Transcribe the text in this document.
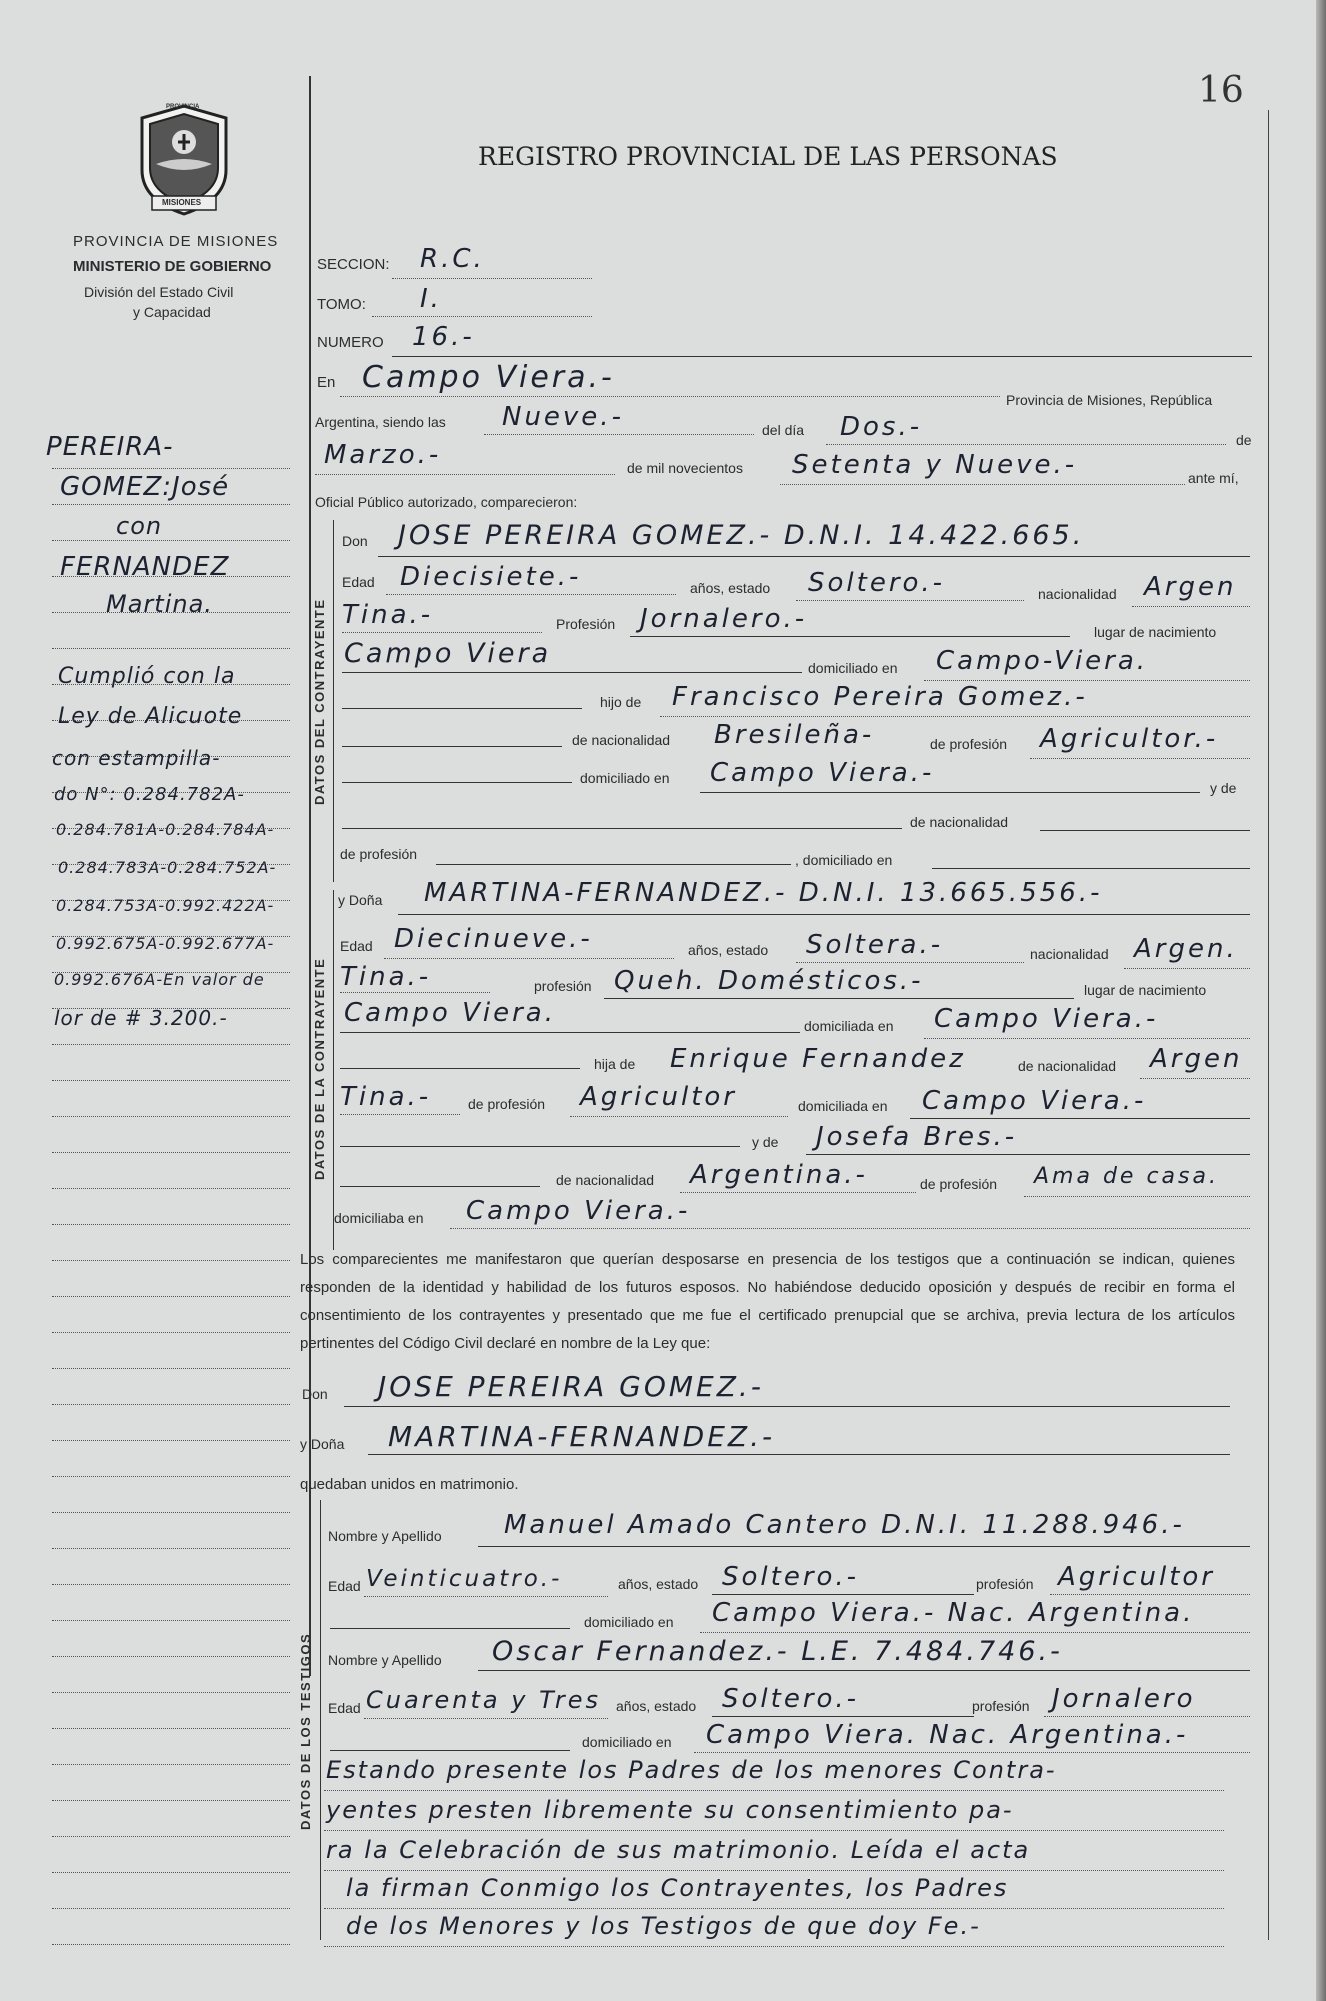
16
PROVINCIA
MISIONES
PROVINCIA DE MISIONES
MINISTERIO DE GOBIERNO
División del Estado Civil
y Capacidad
REGISTRO PROVINCIAL DE LAS PERSONAS
PEREIRA-
GOMEZ:José
con
FERNANDEZ
Martina.
Cumplió con la
Ley de Alicuote
con estampilla-
do N°: 0.284.782A-
0.284.781A-0.284.784A-
0.284.783A-0.284.752A-
0.284.753A-0.992.422A-
0.992.675A-0.992.677A-
0.992.676A-En valor de
lor de # 3.200.-
SECCION: R.C.
TOMO: I.
NUMERO 16.-
En Campo Viera.-
Provincia de Misiones, República
Argentina, siendo las Nueve.-	del día Dos.-	de
Marzo.-	de mil novecientos Setenta y Nueve.-	ante mí,
Oficial Público autorizado, comparecieron:
DATOS DEL CONTRAYENTE
Don JOSE PEREIRA GOMEZ.- D.N.I. 14.422.665.
Edad Diecisiete.-	años, estado Soltero.-	nacionalidad Argen
Tina.-	Profesión Jornalero.-	lugar de nacimiento
Campo Viera	domiciliado en Campo-Viera.
hijo de Francisco Pereira Gomez.-
de nacionalidad Bresileña-	de profesión Agricultor.-
domiciliado en Campo Viera.-	y de
de nacionalidad
de profesión	, domiciliado en
DATOS DE LA CONTRAYENTE
y Doña MARTINA-FERNANDEZ.- D.N.I. 13.665.556.-
Edad Diecinueve.-	años, estado Soltera.-	nacionalidad Argen.
Tina.-	profesión Queh. Domésticos.-	lugar de nacimiento
Campo Viera.	domiciliada en Campo Viera.-
hija de Enrique Fernandez	de nacionalidad Argen
Tina.-	de profesión Agricultor	domiciliada en Campo Viera.-
y de Josefa Bres.-
de nacionalidad Argentina.-	de profesión Ama de casa.
domiciliaba en Campo Viera.-
Los comparecientes me manifestaron que querían desposarse en presencia de los testigos que a continuación se indican, quienes responden de la identidad y habilidad de los futuros esposos. No habiéndose deducido oposición y después de recibir en forma el consentimiento de los contrayentes y presentado que me fue el certificado prenupcial que se archiva, previa lectura de los artículos pertinentes del Código Civil declaré en nombre de la Ley que:
Don JOSE PEREIRA GOMEZ.-
y Doña MARTINA-FERNANDEZ.-
quedaban unidos en matrimonio.
DATOS DE LOS TESTIGOS
Nombre y Apellido Manuel Amado Cantero D.N.I. 11.288.946.-
Edad Veinticuatro.-	años, estado Soltero.-	profesión Agricultor
domiciliado en Campo Viera.- Nac. Argentina.
Nombre y Apellido Oscar Fernandez.- L.E. 7.484.746.-
Edad Cuarenta y Tres años, estado Soltero.-	profesión Jornalero
domiciliado en Campo Viera. Nac. Argentina.-
Estando presente los Padres de los menores Contra-
yentes presten libremente su consentimiento pa-
ra la Celebración de sus matrimonio. Leída el acta
la firman Conmigo los Contrayentes, los Padres
de los Menores y los Testigos de que doy Fe.-
